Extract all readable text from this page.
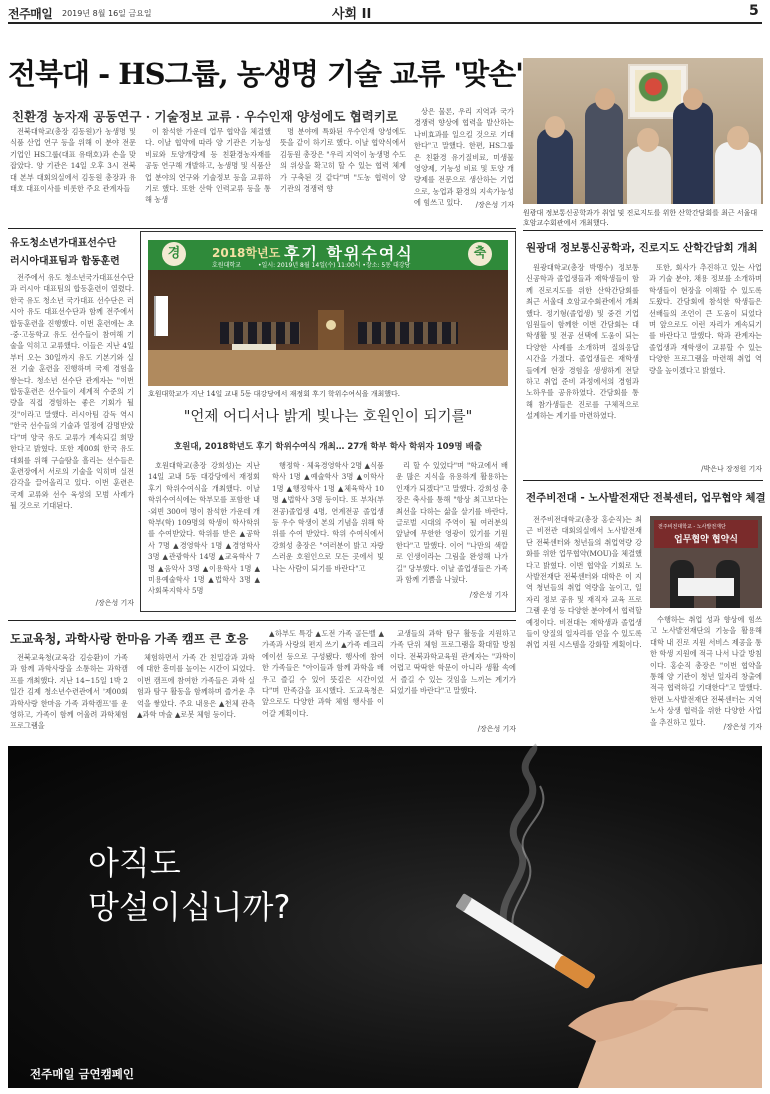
전주매일 2019년 8월 16일 금요일	사회 II	5
전북대 - HS그룹, 농생명 기술 교류 '맞손'
친환경 농자재 공동연구 · 기술정보 교류 · 우수인재 양성에도 협력키로

전북대학교(총장 김동원)가 농생명 및 식품 산업 연구 등을 위해 이 분야 전문 기업인 HS그룹(대표 유태호)과 손을 맞잡았다. 양 기관은 14일 오후 3시 전북대 본부 대회의실에서 김동원 총장과 유태호 대표이사를 비롯한 주요 관계자들

이 참석한 가운데 업무 협약을 체결했다. 이날 협약에 따라 양 기관은 기능성 비료와 토양개량제 등 친환경농자재를 공동 연구해 개발하고, 농생명 및 식품산업 분야의 연구와 기술정보 등을 교류하기로 했다. 또한 산학 인력교류 등을 통해 농생

명 분야에 특화된 우수인재 양성에도 뜻을 같이 하기로 했다. 이날 협약식에서 김동원 총장은 "우리 지역이 농생명 수도의 위상을 확고히 할 수 있는 협력 체계가 구축된 것 같다"며 "도농 협력이 양 기관의 경쟁력 향

상은 물론, 우리 지역과 국가 경쟁력 향상에 협력을 발산하는 나비효과를 일으킬 것으로 기대한다"고 말했다. 한편, HS그룹은 친환경 유기질비료, 미생물 영양제, 기능성 비료 및 토양 개량제를 전문으로 생산하는 기업으로, 농업과 환경의 지속가능성에 힘쓰고 있다.	/장은성 기자
원광대 정보통신공학과가 취업 및 진로지도를 위한 산학간담회를 최근 서울대 호암교수회관에서 개최했다.
유도청소년가대표선수단
러시아대표팀과 합동훈련

전주에서 유도 청소년국가대표선수단과 러시아 대표팀의 합동훈련이 열렸다. 한국 유도 청소년 국가대표 선수단은 러시아 유도 대표선수단과 함께 전주에서 합동훈련을 진행했다. 이번 훈련에는 초·중·고등학교 유도 선수들이 참여해 기술을 익히고 교류했다. 이들은 지난 4일부터 오는 30일까지 유도 기본기와 실전 기술 훈련을 진행하며 국제 경험을 쌓는다. 청소년 선수단 관계자는 "이번 합동훈련은 선수들이 세계적 수준의 기량을 직접 경험하는 좋은 기회가 될 것"이라고 말했다. 러시아팀 감독 역시 "한국 선수들의 기술과 열정에 감명받았다"며 양국 유도 교류가 계속되길 희망한다고 밝혔다. 또한 제00회 한국 유도 대회를 위해 구슬땀을 흘리는 선수들은 훈련장에서 서로의 기술을 익히며 실전 감각을 끌어올리고 있다. 이번 훈련은 국제 교류와 선수 육성의 모범 사례가 될 것으로 기대된다.

/장은성 기자
경	2018학년도 후기 학위수여식
호원대학교	•일시: 2019년 8월 14일(수) 11:00시 •장소: 5동 대강당
축
호원대학교가 지난 14일 교내 5동 대강당에서 재정회 후기 학위수여식을 개최했다.
"언제 어디서나 밝게 빛나는 호원인이 되기를"
호원대, 2018학년도 후기 학위수여식 개최… 27개 학부 학사 학위자 109명 배출

호원대학교(총장 강희성)는 지난 14일 교내 5동 대강당에서 재정회 후기 학위수여식을 개최했다. 이날 학위수여식에는 학부모를 포함한 내·외빈 300여 명이 참석한 가운데 개 학부(학) 109명의 학생이 학사학위를 수여받았다. 학위를 받은 ▲공학사 7명 ▲경영학사 1명 ▲경영학사 3명 ▲관광학사 14명 ▲교육학사 7명 ▲음악사 3명 ▲이용학사 1명 ▲미용예술학사 1명 ▲법학사 3명 ▲사회복지학사 5명

행정학 · 체육경영학사 2명 ▲식품학사 1명 ▲예술학사 3명 ▲이학사 1명 ▲행정학사 1명 ▲체육학사 10명 ▲법학사 3명 등이다. 또 부차(부전공)졸업생 4명, 연계전공 졸업생 등 우수 학생이 본의 기념을 위해 학위를 수여 받았다. 학위 수여식에서 강희성 총장은 "여러분이 밝고 자랑스러운 호원인으로 모든 곳에서 빛나는 사람이 되기를 바란다"고

리 할 수 있었다"며 "학교에서 배운 많은 지식을 유용하게 활용하는 인재가 되겠다"고 말했다. 강희성 총장은 축사를 통해 "항상 최고보다는 최선을 다하는 삶을 살기를 바란다, 글로벌 시대의 주역이 될 여러분의 앞날에 무한한 영광이 있기를 기원한다"고 말했다. 이어 "나만의 색깔로 인생이라는 그림을 완성해 나가길" 당부했다. 이날 졸업생들은 가족과 함께 기쁨을 나눴다.

/장은성 기자
원광대 정보통신공학과, 진로지도 산학간담회 개최

원광대학교(총장 박맹수) 정보통신공학과 졸업생들과 재학생들이 함께 진로지도를 위한 산학간담회를 최근 서울대 호암교수회관에서 개최했다. 정기형(졸업생) 및 중견 기업 임원들이 함께한 이번 간담회는 대학생활 및 전공 선택에 도움이 되는 다양한 사례를 소개하며 질의응답 시간을 가졌다. 졸업생들은 재학생들에게 현장 경험을 생생하게 전달하고 취업 준비 과정에서의 경험과 노하우를 공유하였다. 간담회를 통해 참가생들은 진로를 구체적으로 설계하는 계기를 마련하였다.

또한, 회사가 추진하고 있는 사업과 기술 분야, 채용 정보를 소개하며 학생들이 현장을 이해할 수 있도록 도왔다. 간담회에 참석한 학생들은 선배들의 조언이 큰 도움이 되었다며 앞으로도 이런 자리가 계속되기를 바란다고 말했다. 학과 관계자는 졸업생과 재학생이 교류할 수 있는 다양한 프로그램을 마련해 취업 역량을 높이겠다고 밝혔다.

/박은나 장정원 기자
전주비전대 - 노사발전재단 전북센터, 업무협약 체결

전주비전대학교(총장 홍순직)는 최근 비전관 대회의실에서 노사발전재단 전북센터와 청년들의 취업역량 강화를 위한 업무협약(MOU)을 체결했다고 밝혔다. 이번 협약을 기회로 노사발전재단 전북센터와 대학은 이 지역 청년들의 취업 역량을 높이고, 일자리 정보 공유 및 재직자 교육 프로그램 운영 등 다양한 분야에서 협력할 예정이다. 비전대는 재학생과 졸업생들이 양질의 일자리를 얻을 수 있도록 취업 지원 시스템을 강화할 계획이다.

전주비전대학교 - 노사발전재단
업무협약 협약식

수행하는 취업 성과 향상에 힘쓰고 노사발전재단의 기능을 활용해 대학 내 진로 지원 서비스 제공을 통한 학생 지원에 적극 나서 나갈 방침이다. 홍순직 총장은 "이번 협약을 통해 양 기관이 청년 일자리 창출에 적극 협력하길 기대한다"고 말했다. 한편 노사발전재단 전북센터는 지역 노사 상생 협력을 위한 다양한 사업을 추진하고 있다.

/장은성 기자
도교육청, 과학사랑 한마음 가족 캠프 큰 호응

전북교육청(교육감 김승환)이 가족과 함께 과학사랑을 소통하는 과학캠프를 개최했다. 지난 14~15일 1박 2일간 김제 청소년수련관에서 '제00회 과학사랑 한마음 가족 과학캠프'를 운영하고, 가족이 함께 어울려 과학체험 프로그램을

체험하면서 가족 간 친밀감과 과학에 대한 흥미를 높이는 시간이 되었다. 이번 캠프에 참여한 가족들은 과학 실험과 탐구 활동을 함께하며 즐거운 추억을 쌓았다. 주요 내용은 ▲천체 관측 ▲과학 마술 ▲로봇 체험 등이다.

▲하부도 특강 ▲도전 가족 골든벨 ▲가족과 사랑의 편지 쓰기 ▲가족 레크리에이션 등으로 구성됐다. 행사에 참여한 가족들은 "아이들과 함께 과학을 배우고 즐길 수 있어 뜻깊은 시간이었다"며 만족감을 표시했다. 도교육청은 앞으로도 다양한 과학 체험 행사를 이어갈 계획이다.

교생들의 과학 탐구 활동을 지원하고 가족 단위 체험 프로그램을 확대할 방침이다. 전북과학교육원 관계자는 "과학이 어렵고 딱딱한 학문이 아니라 생활 속에서 즐길 수 있는 것임을 느끼는 계기가 되었기를 바란다"고 말했다.

/장은성 기자
아직도
망설이십니까?
전주매일 금연캠페인
